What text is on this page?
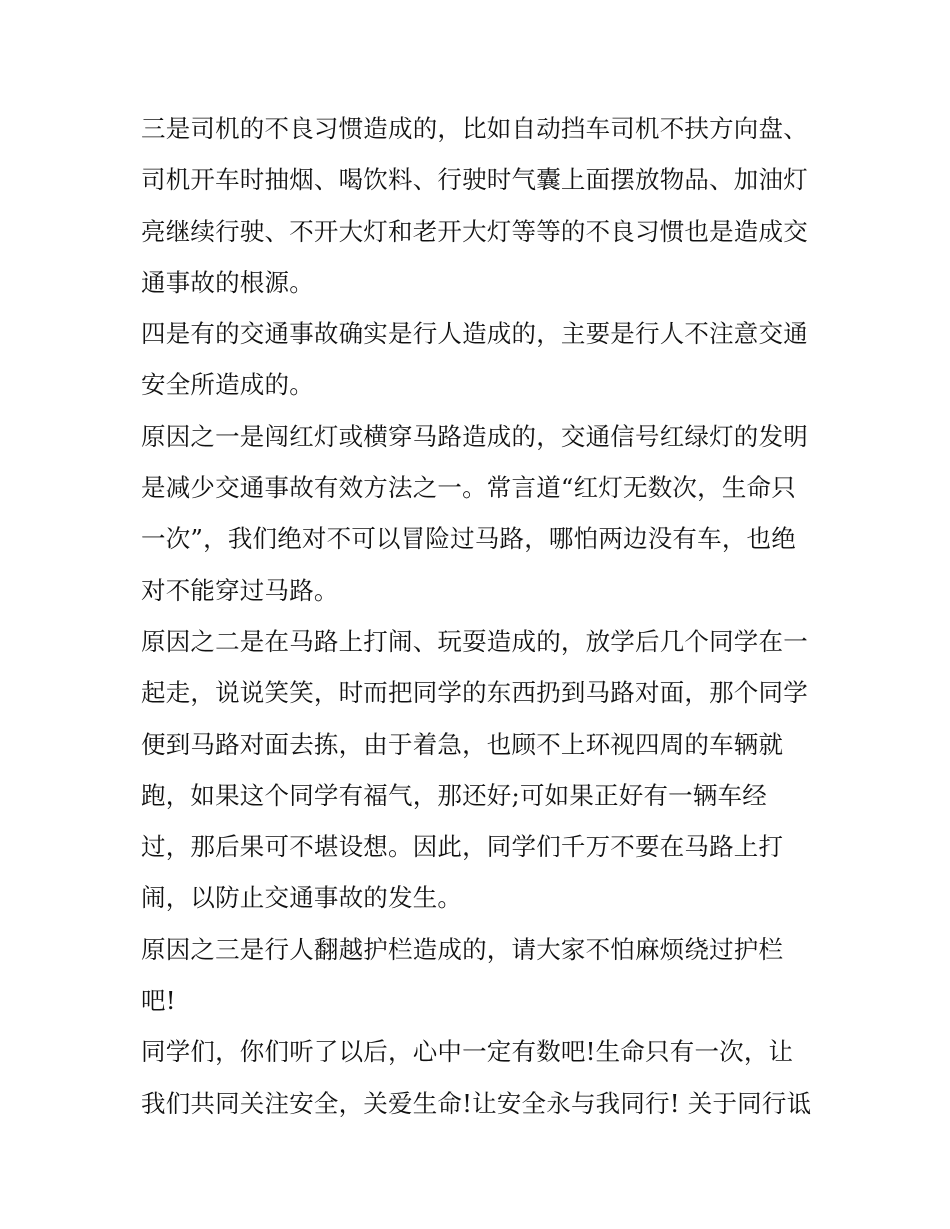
三是司机的不良习惯造成的，比如自动挡车司机不扶方向盘、
司机开车时抽烟、喝饮料、行驶时气囊上面摆放物品、加油灯
亮继续行驶、不开大灯和老开大灯等等的不良习惯也是造成交
通事故的根源。
四是有的交通事故确实是行人造成的，主要是行人不注意交通
安全所造成的。
原因之一是闯红灯或横穿马路造成的，交通信号红绿灯的发明
是减少交通事故有效方法之一。常言道“红灯无数次，生命只
一次”，我们绝对不可以冒险过马路，哪怕两边没有车，也绝
对不能穿过马路。
原因之二是在马路上打闹、玩耍造成的，放学后几个同学在一
起走，说说笑笑，时而把同学的东西扔到马路对面，那个同学
便到马路对面去拣，由于着急，也顾不上环视四周的车辆就
跑，如果这个同学有福气，那还好;可如果正好有一辆车经
过，那后果可不堪设想。因此，同学们千万不要在马路上打
闹，以防止交通事故的发生。
原因之三是行人翻越护栏造成的，请大家不怕麻烦绕过护栏
吧!
同学们，你们听了以后，心中一定有数吧!生命只有一次，让
我们共同关注安全，关爱生命!让安全永与我同行! 关于同行诋
